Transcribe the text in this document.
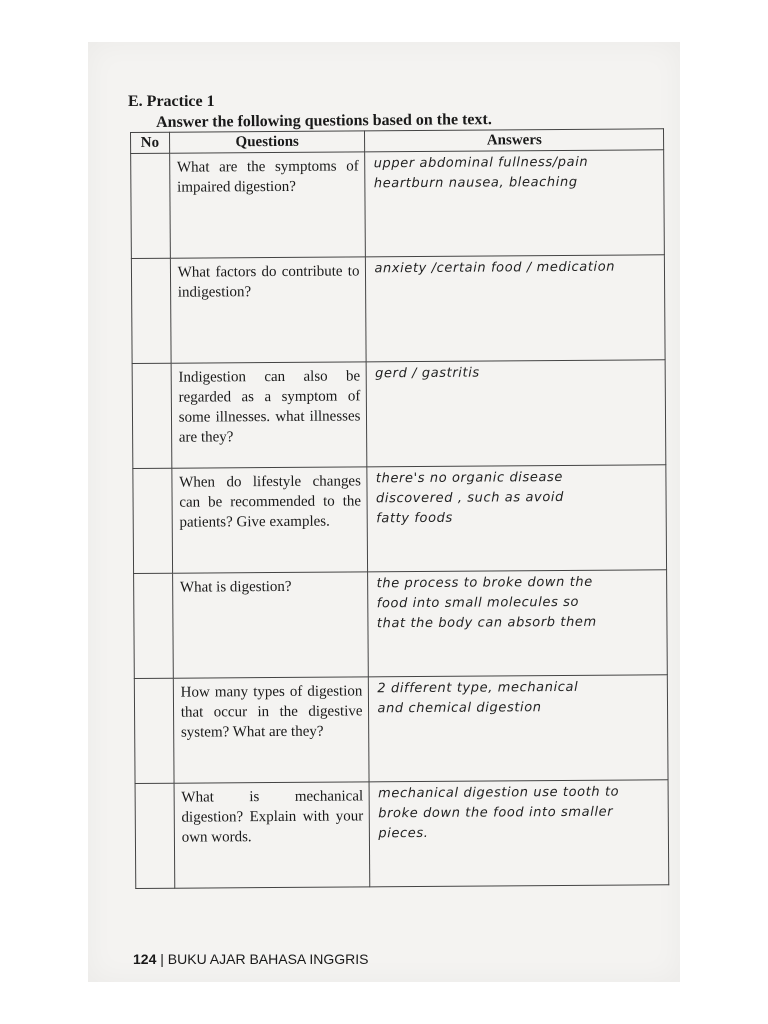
E. Practice 1

Answer the following questions based on the text.

No	Questions	Answers
	What are the symptoms of impaired digestion?	upper abdominal fullness/pain
heartburn nausea, bleaching

	What factors do contribute to indigestion?	anxiety /certain food / medication

	Indigestion can also be regarded as a symptom of some illnesses. what illnesses are they?	gerd / gastritis

	When do lifestyle changes can be recommended to the patients? Give examples.	there's no organic disease
discovered , such as avoid
fatty foods

	What is digestion?	the process to broke down the
food into small molecules so
that the body can absorb them

	How many types of digestion that occur in the digestive system? What are they?	2 different type, mechanical
and chemical digestion

	What is mechanical digestion? Explain with your own words.	mechanical digestion use tooth to
broke down the food into smaller
pieces.

124 | BUKU AJAR BAHASA INGGRIS
